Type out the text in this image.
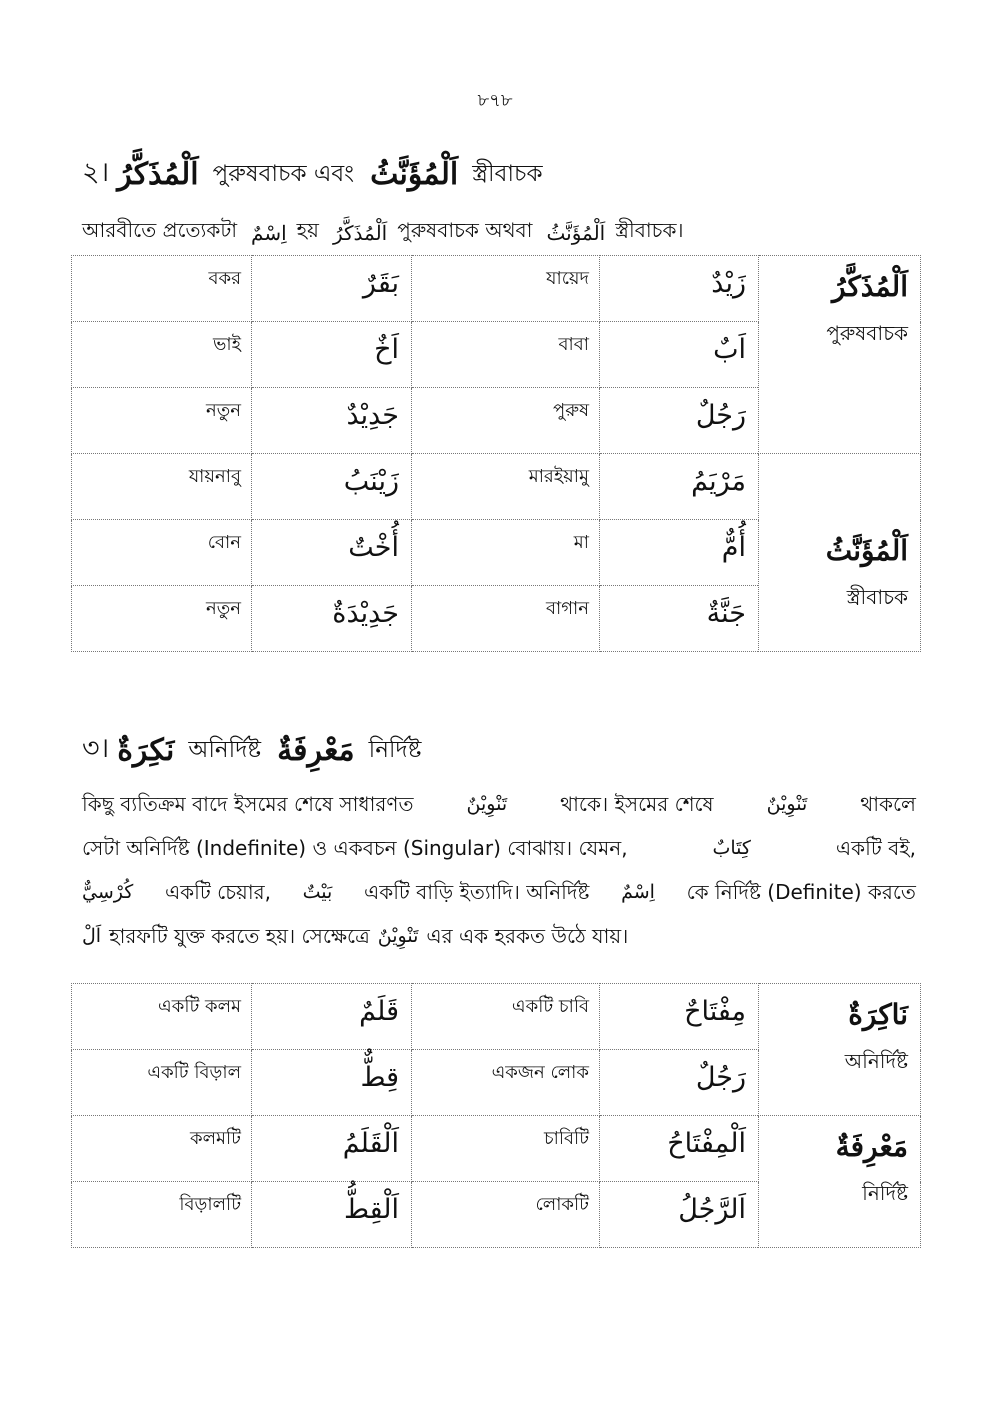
৮৭৮
২। اَلْمُذَكَّرُ পুরুষবাচক এবং اَلْمُؤَنَّثُ স্ত্রীবাচক
আরবীতে প্রত্যেকটা اِسْمٌ হয় اَلْمُذَكَّرُ পুরুষবাচক অথবা اَلْمُؤَنَّثُ স্ত্রীবাচক।
বকর	بَقَرٌ	যায়েদ	زَيْدٌ	اَلْمُذَكَّرُ
পুরুষবাচক

ভাই	اَخٌ	বাবা	اَبٌ	

নতুন	جَدِيْدٌ	পুরুষ	رَجُلٌ	

যায়নাবু	زَيْنَبُ	মারইয়ামু	مَرْيَمُ	اَلْمُؤَنَّثُ
স্ত্রীবাচক

বোন	أُخْتٌ	মা	أُمٌّ	

নতুন	جَدِيْدَةٌ	বাগান	جَنَّةٌ	
৩। نَكِرَةٌ অনির্দিষ্ট مَعْرِفَةٌ নির্দিষ্ট
কিছু ব্যতিক্রম বাদে ইসমের শেষে সাধারণত	تَنْوِيْنٌ	থাকে। ইসমের শেষে	تَنْوِيْنٌ	থাকলে
সেটা অনির্দিষ্ট (Indefinite) ও একবচন (Singular) বোঝায়। যেমন,	كِتَابٌ	একটি বই,
كُرْسِيٌّ একটি চেয়ার, بَيْتٌ একটি বাড়ি ইত্যাদি। অনির্দিষ্ট اِسْمٌ কে নির্দিষ্ট (Definite) করতে
اَلْ হারফটি যুক্ত করতে হয়। সেক্ষেত্রে تَنْوِيْنٌ এর এক হরকত উঠে যায়।
একটি কলম	قَلَمٌ	একটি চাবি	مِفْتَاحٌ	نَاكِرَةٌ
অনির্দিষ্ট

একটি বিড়াল	قِطٌّ	একজন লোক	رَجُلٌ	

কলমটি	اَلْقَلَمُ	চাবিটি	اَلْمِفْتَاحُ	مَعْرِفَةٌ
নির্দিষ্ট

বিড়ালটি	اَلْقِطُّ	লোকটি	اَلرَّجُلُ	
